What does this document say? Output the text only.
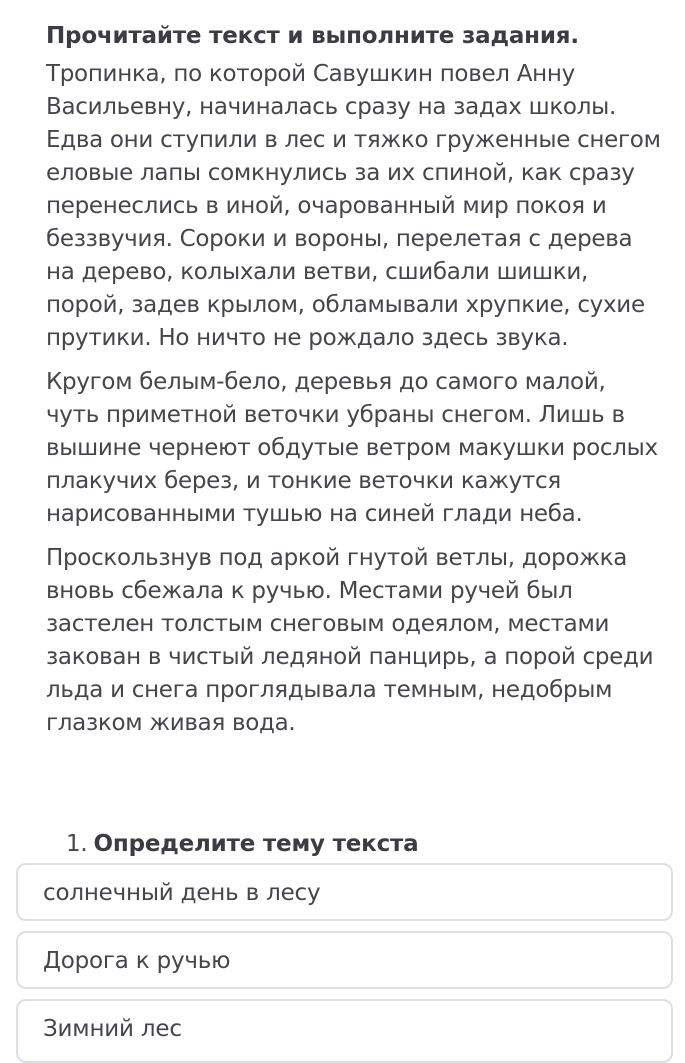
Прочитайте текст и выполните задания.

Тропинка, по которой Савушкин повел Анну Васильевну, начиналась сразу на задах школы. Едва они ступили в лес и тяжко груженные снегом еловые лапы сомкнулись за их спиной, как сразу перенеслись в иной, очарованный мир покоя и беззвучия. Сороки и вороны, перелетая с дерева на дерево, колыхали ветви, сшибали шишки, порой, задев крылом, обламывали хрупкие, сухие прутики. Но ничто не рождало здесь звука.

Кругом белым-бело, деревья до самого малой, чуть приметной веточки убраны снегом. Лишь в вышине чернеют обдутые ветром макушки рослых плакучих берез, и тонкие веточки кажутся нарисованными тушью на синей глади неба.

Проскользнув под аркой гнутой ветлы, дорожка вновь сбежала к ручью. Местами ручей был застелен толстым снеговым одеялом, местами закован в чистый ледяной панцирь, а порой среди льда и снега проглядывала темным, недобрым глазком живая вода.

1. Определите тему текста
солнечный день в лесу
Дорога к ручью
Зимний лес
